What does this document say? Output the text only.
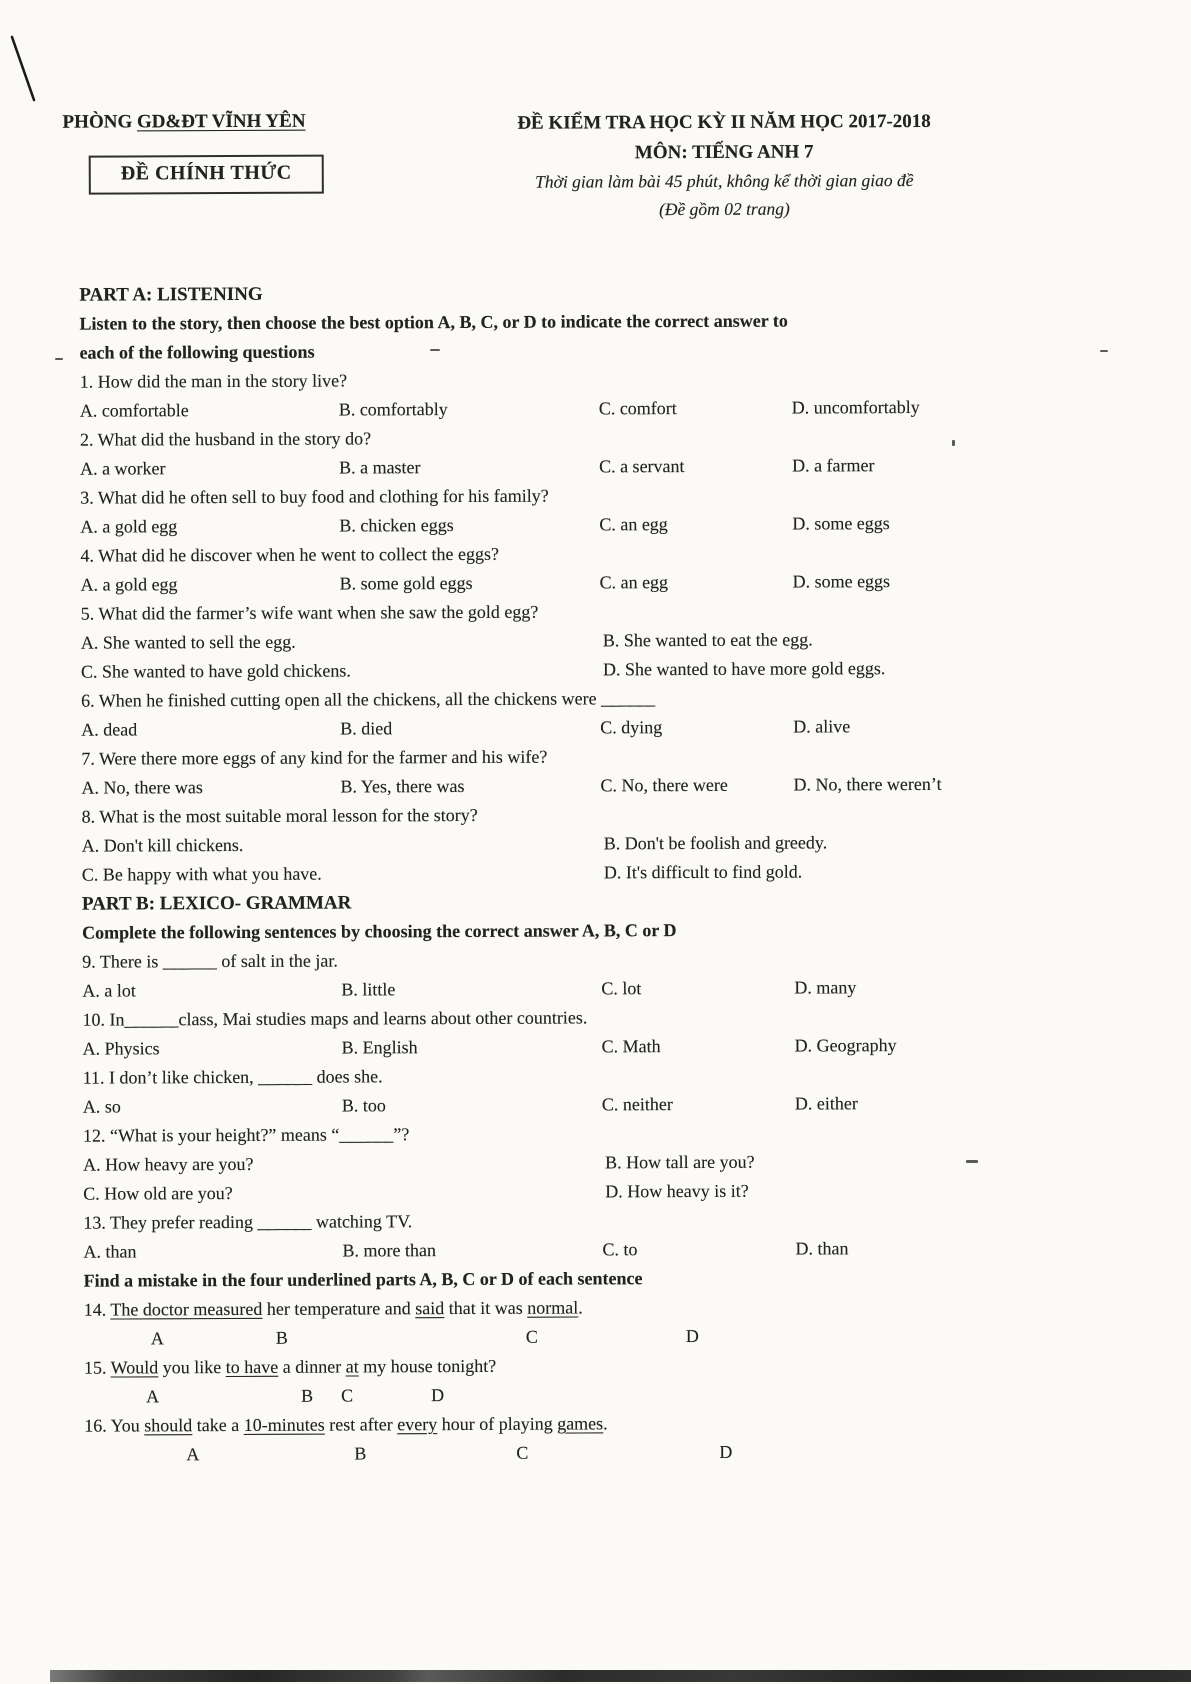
PHÒNG GD&ĐT VĨNH YÊN
ĐỀ CHÍNH THỨC
ĐỀ KIỂM TRA HỌC KỲ II NĂM HỌC 2017-2018
MÔN: TIẾNG ANH 7
Thời gian làm bài 45 phút, không kể thời gian giao đề
(Đề gồm 02 trang)
PART A: LISTENING
Listen to the story, then choose the best option A, B, C, or D to indicate the correct answer to
each of the following questions
1. How did the man in the story live?
A. comfortable	B. comfortably	C. comfort	D. uncomfortably
2. What did the husband in the story do?
A. a worker	B. a master	C. a servant	D. a farmer
3. What did he often sell to buy food and clothing for his family?
A. a gold egg	B. chicken eggs	C. an egg	D. some eggs
4. What did he discover when he went to collect the eggs?
A. a gold egg	B. some gold eggs	C. an egg	D. some eggs
5. What did the farmer’s wife want when she saw the gold egg?
A. She wanted to sell the egg.	B. She wanted to eat the egg.
C. She wanted to have gold chickens.	D. She wanted to have more gold eggs.
6. When he finished cutting open all the chickens, all the chickens were ______
A. dead	B. died	C. dying	D. alive
7. Were there more eggs of any kind for the farmer and his wife?
A. No, there was	B. Yes, there was	C. No, there were	D. No, there weren’t
8. What is the most suitable moral lesson for the story?
A. Don't kill chickens.	B. Don't be foolish and greedy.
C. Be happy with what you have.	D. It's difficult to find gold.
PART B: LEXICO- GRAMMAR
Complete the following sentences by choosing the correct answer A, B, C or D
9. There is ______ of salt in the jar.
A. a lot	B. little	C. lot	D. many
10. In______class, Mai studies maps and learns about other countries.
A. Physics	B. English	C. Math	D. Geography
11. I don’t like chicken, ______ does she.
A. so	B. too	C. neither	D. either
12. “What is your height?” means “______”?
A. How heavy are you?	B. How tall are you?
C. How old are you?	D. How heavy is it?
13. They prefer reading ______ watching TV.
A. than	B. more than	C. to	D. than
Find a mistake in the four underlined parts A, B, C or D of each sentence
14. The doctor measured her temperature and said that it was normal.
A	B	C	D
15. Would you like to have a dinner at my house tonight?
A	B C	D
16. You should take a 10-minutes rest after every hour of playing games.
A	B	C	D
